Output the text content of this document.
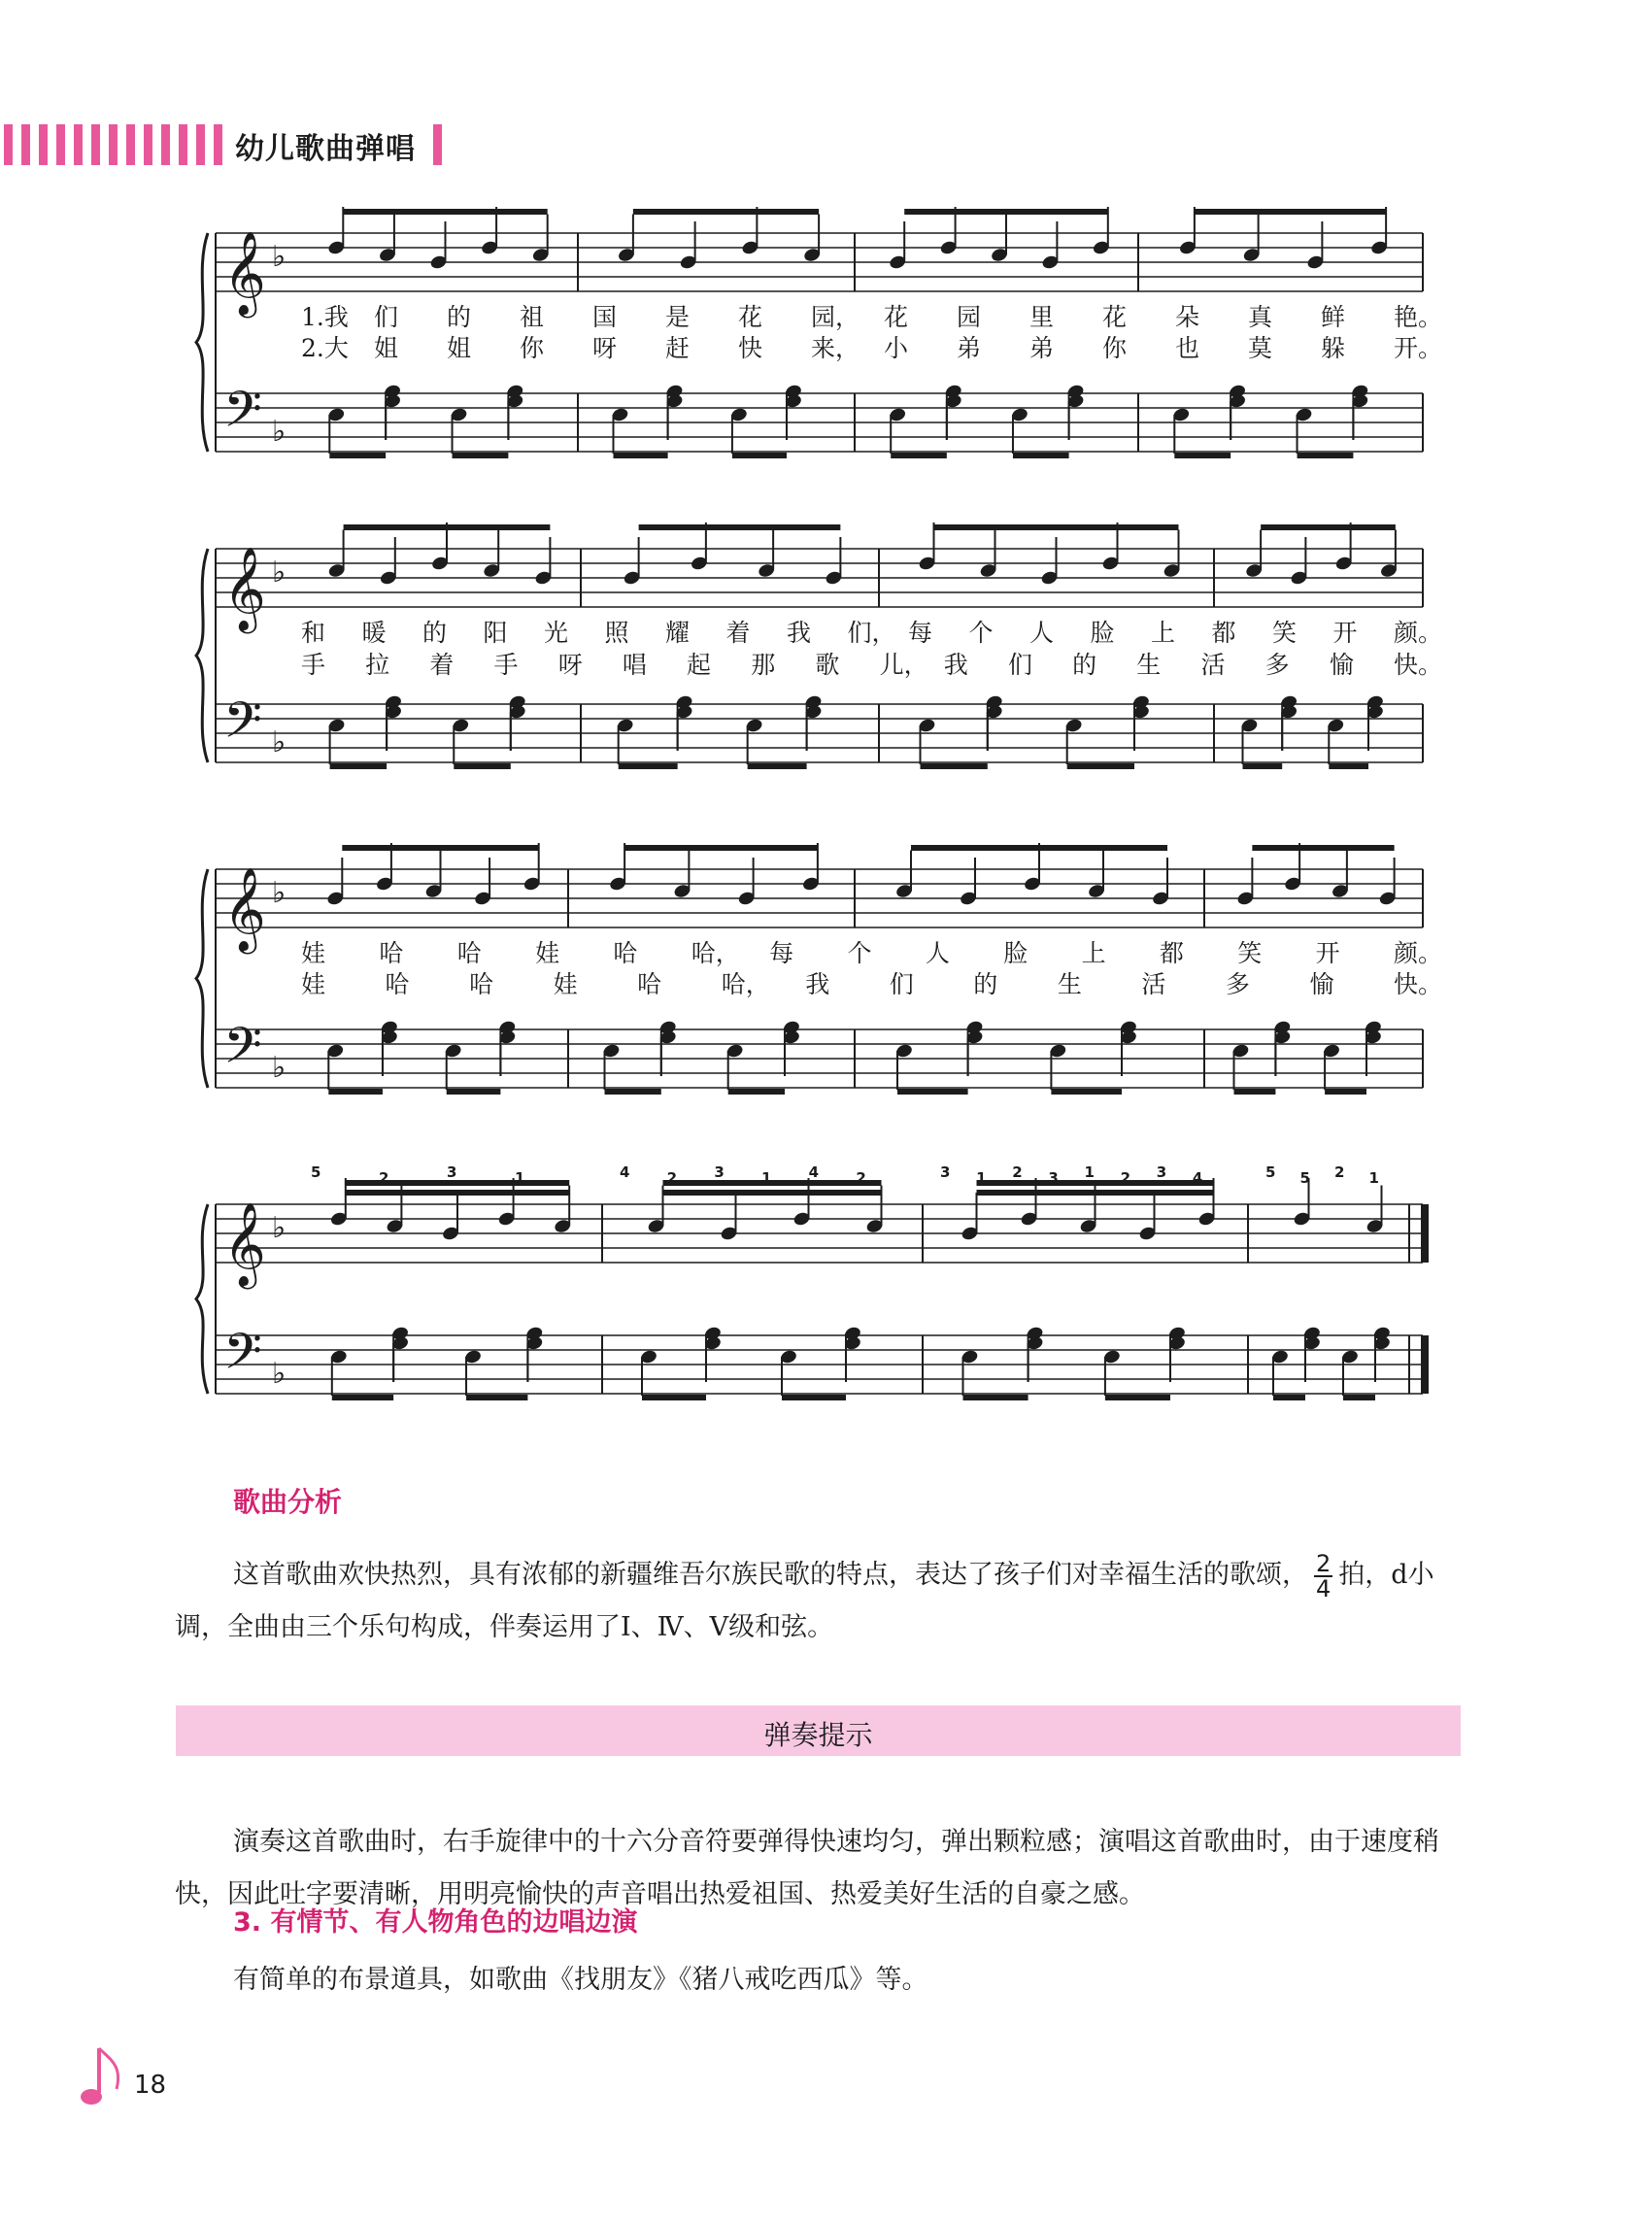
幼儿歌曲弹唱
𝄞
𝄢
♭
♭
1.我 们 的 祖 国 是 花 园， 花 园 里 花 朵 真 鲜 艳。
2.大 姐 姐 你 呀 赶 快 来， 小 弟 弟 你 也 莫 躲 开。
𝄞
𝄢
♭
♭
和 暖 的 阳 光 照 耀 着 我 们， 每 个 人 脸 上 都 笑 开 颜。
手 拉 着 手 呀 唱 起 那 歌 儿， 我 们 的 生 活 多 愉 快。
𝄞
𝄢
♭
♭
娃 哈 哈 娃 哈 哈， 每 个 人 脸 上 都 笑 开 颜。
娃 哈 哈 娃 哈 哈， 我 们 的 生 活 多 愉 快。
𝄞
𝄢
♭
♭
5	2	3	1	4	2	3	1	4	2	3 1 2 3 1 2 3 4	5 5 2 1
歌曲分析

这首歌曲欢快热烈，具有浓郁的新疆维吾尔族民歌的特点，表达了孩子们对幸福生活的歌颂， $\frac{2}{4}$ 拍，d小调，全曲由三个乐句构成，伴奏运用了Ⅰ、Ⅳ、Ⅴ级和弦。

弹奏提示

演奏这首歌曲时，右手旋律中的十六分音符要弹得快速均匀，弹出颗粒感；演唱这首歌曲时，由于速度稍快，因此吐字要清晰，用明亮愉快的声音唱出热爱祖国、热爱美好生活的自豪之感。

3. 有情节、有人物角色的边唱边演

有简单的布景道具，如歌曲《找朋友》《猪八戒吃西瓜》等。

18
